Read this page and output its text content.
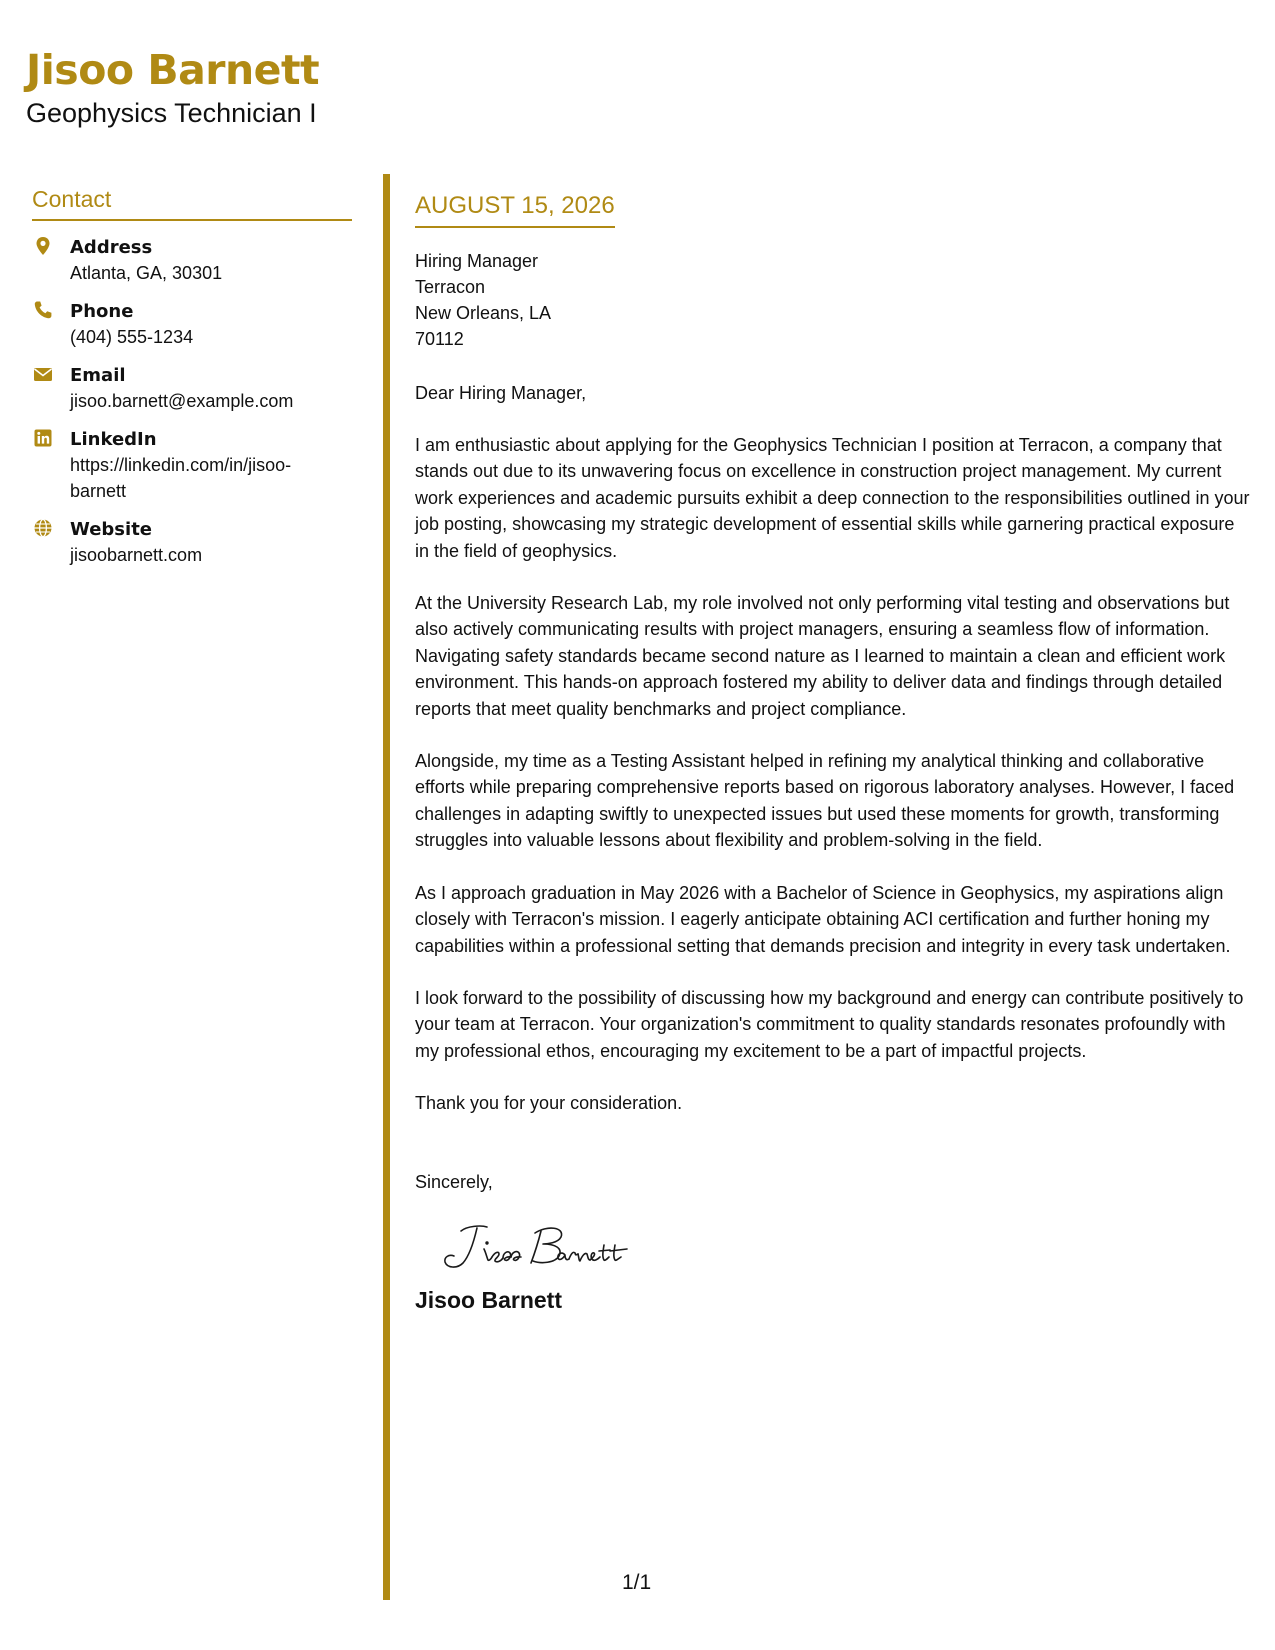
Jisoo Barnett
Geophysics Technician I
Contact
Address
Atlanta, GA, 30301
Phone
(404) 555-1234
Email
jisoo.barnett@example.com
LinkedIn
https://linkedin.com/in/jisoo-barnett
Website
jisoobarnett.com
AUGUST 15, 2026
Hiring Manager
Terracon
New Orleans, LA
70112
Dear Hiring Manager,
I am enthusiastic about applying for the Geophysics Technician I position at Terracon, a company that stands out due to its unwavering focus on excellence in construction project management. My current work experiences and academic pursuits exhibit a deep connection to the responsibilities outlined in your job posting, showcasing my strategic development of essential skills while garnering practical exposure in the field of geophysics.
At the University Research Lab, my role involved not only performing vital testing and observations but also actively communicating results with project managers, ensuring a seamless flow of information. Navigating safety standards became second nature as I learned to maintain a clean and efficient work environment. This hands-on approach fostered my ability to deliver data and findings through detailed reports that meet quality benchmarks and project compliance.
Alongside, my time as a Testing Assistant helped in refining my analytical thinking and collaborative efforts while preparing comprehensive reports based on rigorous laboratory analyses. However, I faced challenges in adapting swiftly to unexpected issues but used these moments for growth, transforming struggles into valuable lessons about flexibility and problem-solving in the field.
As I approach graduation in May 2026 with a Bachelor of Science in Geophysics, my aspirations align closely with Terracon's mission. I eagerly anticipate obtaining ACI certification and further honing my capabilities within a professional setting that demands precision and integrity in every task undertaken.
I look forward to the possibility of discussing how my background and energy can contribute positively to your team at Terracon. Your organization's commitment to quality standards resonates profoundly with my professional ethos, encouraging my excitement to be a part of impactful projects.
Thank you for your consideration.
Sincerely,
Jisoo Barnett
1/1
